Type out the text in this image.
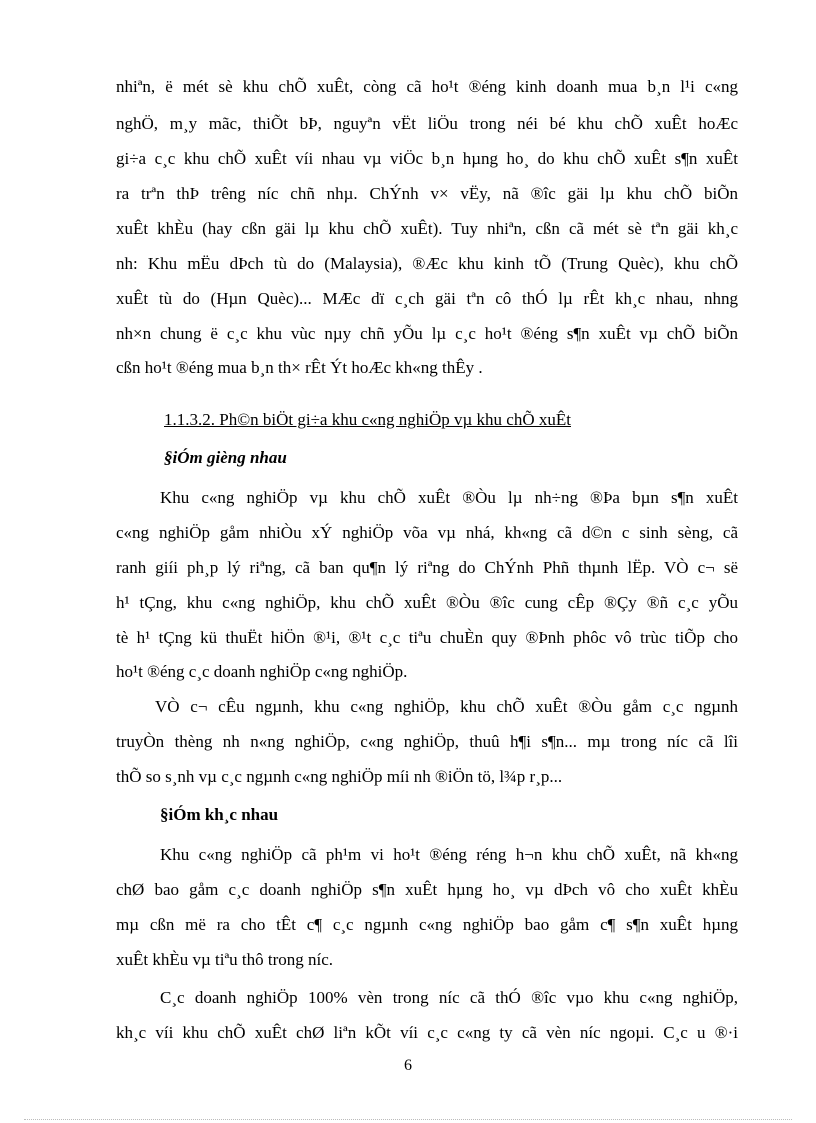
nhiªn, ë mét sè khu chÕ xuÊt, còng cã ho¹t ®éng kinh doanh mua b¸n l¹i c«ng
nghÖ, m¸y mãc, thiÕt bÞ, nguyªn vËt liÖu trong néi bé khu chÕ xuÊt hoÆc
gi÷a c¸c khu chÕ xuÊt víi nhau vµ viÖc b¸n hµng ho¸ do khu chÕ xuÊt s¶n xuÊt
ra trªn thÞ trêng níc chñ nhµ. ChÝnh v× vËy, nã ®îc gäi lµ khu chÕ biÕn
xuÊt khÈu (hay cßn gäi lµ khu chÕ xuÊt). Tuy nhiªn, cßn cã mét sè tªn gäi kh¸c
nh: Khu mËu dÞch tù do (Malaysia), ®Æc khu kinh tÕ (Trung Quèc), khu chÕ
xuÊt tù do (Hµn Quèc)... MÆc dï c¸ch gäi tªn cô thÓ lµ rÊt kh¸c nhau, nhng
nh×n chung ë c¸c khu vùc nµy chñ yÕu lµ c¸c ho¹t ®éng s¶n xuÊt vµ chÕ biÕn
cßn ho¹t ®éng mua b¸n th× rÊt Ýt hoÆc kh«ng thÊy .
1.1.3.2. Ph©n biÖt gi÷a khu c«ng nghiÖp vµ khu chÕ xuÊt
§iÓm gièng nhau
Khu c«ng nghiÖp vµ khu chÕ xuÊt ®Òu lµ nh÷ng ®Þa bµn s¶n xuÊt
c«ng nghiÖp gåm nhiÒu xÝ nghiÖp võa vµ nhá, kh«ng cã d©n c sinh sèng, cã
ranh giíi ph¸p lý riªng, cã ban qu¶n lý riªng do ChÝnh Phñ thµnh lËp. VÒ c¬ së
h¹ tÇng, khu c«ng nghiÖp, khu chÕ xuÊt ®Òu ®îc cung cÊp ®Çy ®ñ c¸c yÕu
tè h¹ tÇng kü thuËt hiÖn ®¹i, ®¹t c¸c tiªu chuÈn quy ®Þnh phôc vô trùc tiÕp cho
ho¹t ®éng c¸c doanh nghiÖp c«ng nghiÖp.
VÒ c¬ cÊu ngµnh, khu c«ng nghiÖp, khu chÕ xuÊt ®Òu gåm c¸c ngµnh
truyÒn thèng nh n«ng nghiÖp, c«ng nghiÖp, thuû h¶i s¶n... mµ trong níc cã lîi
thÕ so s¸nh vµ c¸c ngµnh c«ng nghiÖp míi nh ®iÖn tö, l¾p r¸p...
§iÓm kh¸c nhau
Khu c«ng nghiÖp cã ph¹m vi ho¹t ®éng réng h¬n khu chÕ xuÊt, nã kh«ng
chØ bao gåm c¸c doanh nghiÖp s¶n xuÊt hµng ho¸ vµ dÞch vô cho xuÊt khÈu
mµ cßn më ra cho tÊt c¶ c¸c ngµnh c«ng nghiÖp bao gåm c¶ s¶n xuÊt hµng
xuÊt khÈu vµ tiªu thô trong níc.
C¸c doanh nghiÖp 100% vèn trong níc cã thÓ ®îc vµo khu c«ng nghiÖp,
kh¸c víi khu chÕ xuÊt chØ liªn kÕt víi c¸c c«ng ty cã vèn níc ngoµi. C¸c u ®·i
6
